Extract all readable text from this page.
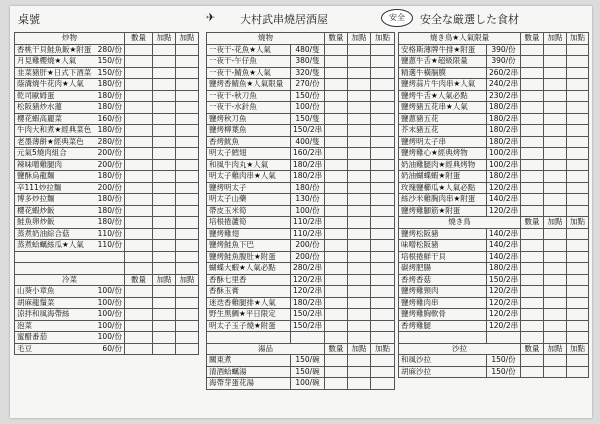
桌號	✈ 大村武串燒居酒屋	安全	安全な厳選した食材
炒物	數量	加點	加點
香桃干貝鮭魚飯★附蛋 280/份			

月見雞櫻燒★人氣 150/份			

韭菜豬肝★日式下酒菜 150/份			

蔭溝燒牛花肉★人氣 180/份			

乾司歐姆蛋 180/份			

松阪豬炒水蓮 180/份			

櫻花蝦高麗菜 160/份			

牛肉大和煮★經典菜色 180/份			

老墨薄餅★經典菜色 280/份			

元氣5燒肉組合 200/份			

辣味噌雞腿肉 200/份			

鹽酥烏龍麵 180/份			

辛111炒拉麵 200/份			

博多炒拉麵 180/份			

櫻花蝦炒飯 180/份			

鮭魚卵炒飯 180/份			

蒸煮奶油綜合菇 110/份			

蒸煮蛤蠣絲瓜★人氣 110/份			

冷菜	數量	加點	加點
山葵小章魚 100/份			

胡麻龍鬚菜 100/份			

涼拌和風海帶絲 100/份			

泡菜 100/份			

蜜醋番茄 100/份			

毛豆 60/份			

燒物		數量	加點	加點
一夜干-花魚★人氣	480/隻			
一夜干-午仔魚	380/隻			
一夜干-鯖魚★人氣	320/隻			
鹽烤香鯖魚★人氣限量	270/份			
一夜干-秋刀魚	150/份			
一夜干-水針魚	100/份			
鹽烤秋刀魚	150/隻			
鹽烤柳葉魚	150/2串			
香烤魷魚	400/隻			
明太子鱈翅	160/2串			
和風牛肉丸★人氣	180/2串			
明太子雞肉串★人氣	180/2串			
鹽烤明太子	180/份			
明太子山藥	130/份			
帶皮玉米筍	100/份			
培根捲蘆筍	110/2串			
鹽烤雞翅	110/2串			
鹽烤鮭魚下巴	200/份			
鹽烤鮭魚腹肚★附蛋	200/份			
蝴蝶大蝦★人氣必點	280/2串			
香酥七里香	120/2串			
香酥玉膏	120/2串			
迷迭香雞腿排★人氣	180/2串			
野生黑鯛★平日限定	150/2串			
明太子玉子燒★附蛋	150/2串			

湯品		數量	加點	加點
關東煮	150/碗			
清酒蛤蠣湯	150/碗			
海帶芽蛋花湯	100/碗			
燒き鳥★人氣限量		數量	加點	加點
安格斯薄牌牛排★附蛋	390/份			
鹽蔥牛舌★超級限量	390/份			
精選牛橫膈膜	260/2串			
鹽烤蒜片牛肉串★人氣	240/2串			
鹽烤牛舌★人氣必點	230/2串			
鹽烤豬五花串★人氣	180/2串			
鹽蔥豬五花	180/2串			
芥末豬五花	180/2串			
鹽烤明太子串	180/2串			
鹽烤雞心★經典烤物	100/2串			
奶油雞腿肉★經典烤物	100/2串			
奶油蝴蝶蝦★附蛋	180/2串			
玫瑰鹽櫛瓜★人氣必點	120/2串			
絲沙米雞胸肉串★附蛋	140/2串			
鹽烤雞腳筋★附蛋	120/2串			
燒き鳥		數量	加點	加點
鹽烤松阪豬	140/2串			
味噌松阪豬	140/2串			
培根捲鮮干貝	140/2串			
碳烤肥腸	180/2串			
香烤香菇	150/2串			
鹽烤雞頸肉	120/2串			
鹽烤雞肉串	120/2串			
鹽烤雞胸軟骨	120/2串			
香烤雞腿	120/2串			

沙拉		數量	加點	加點
和風沙拉	150/份			
胡麻沙拉	150/份			
